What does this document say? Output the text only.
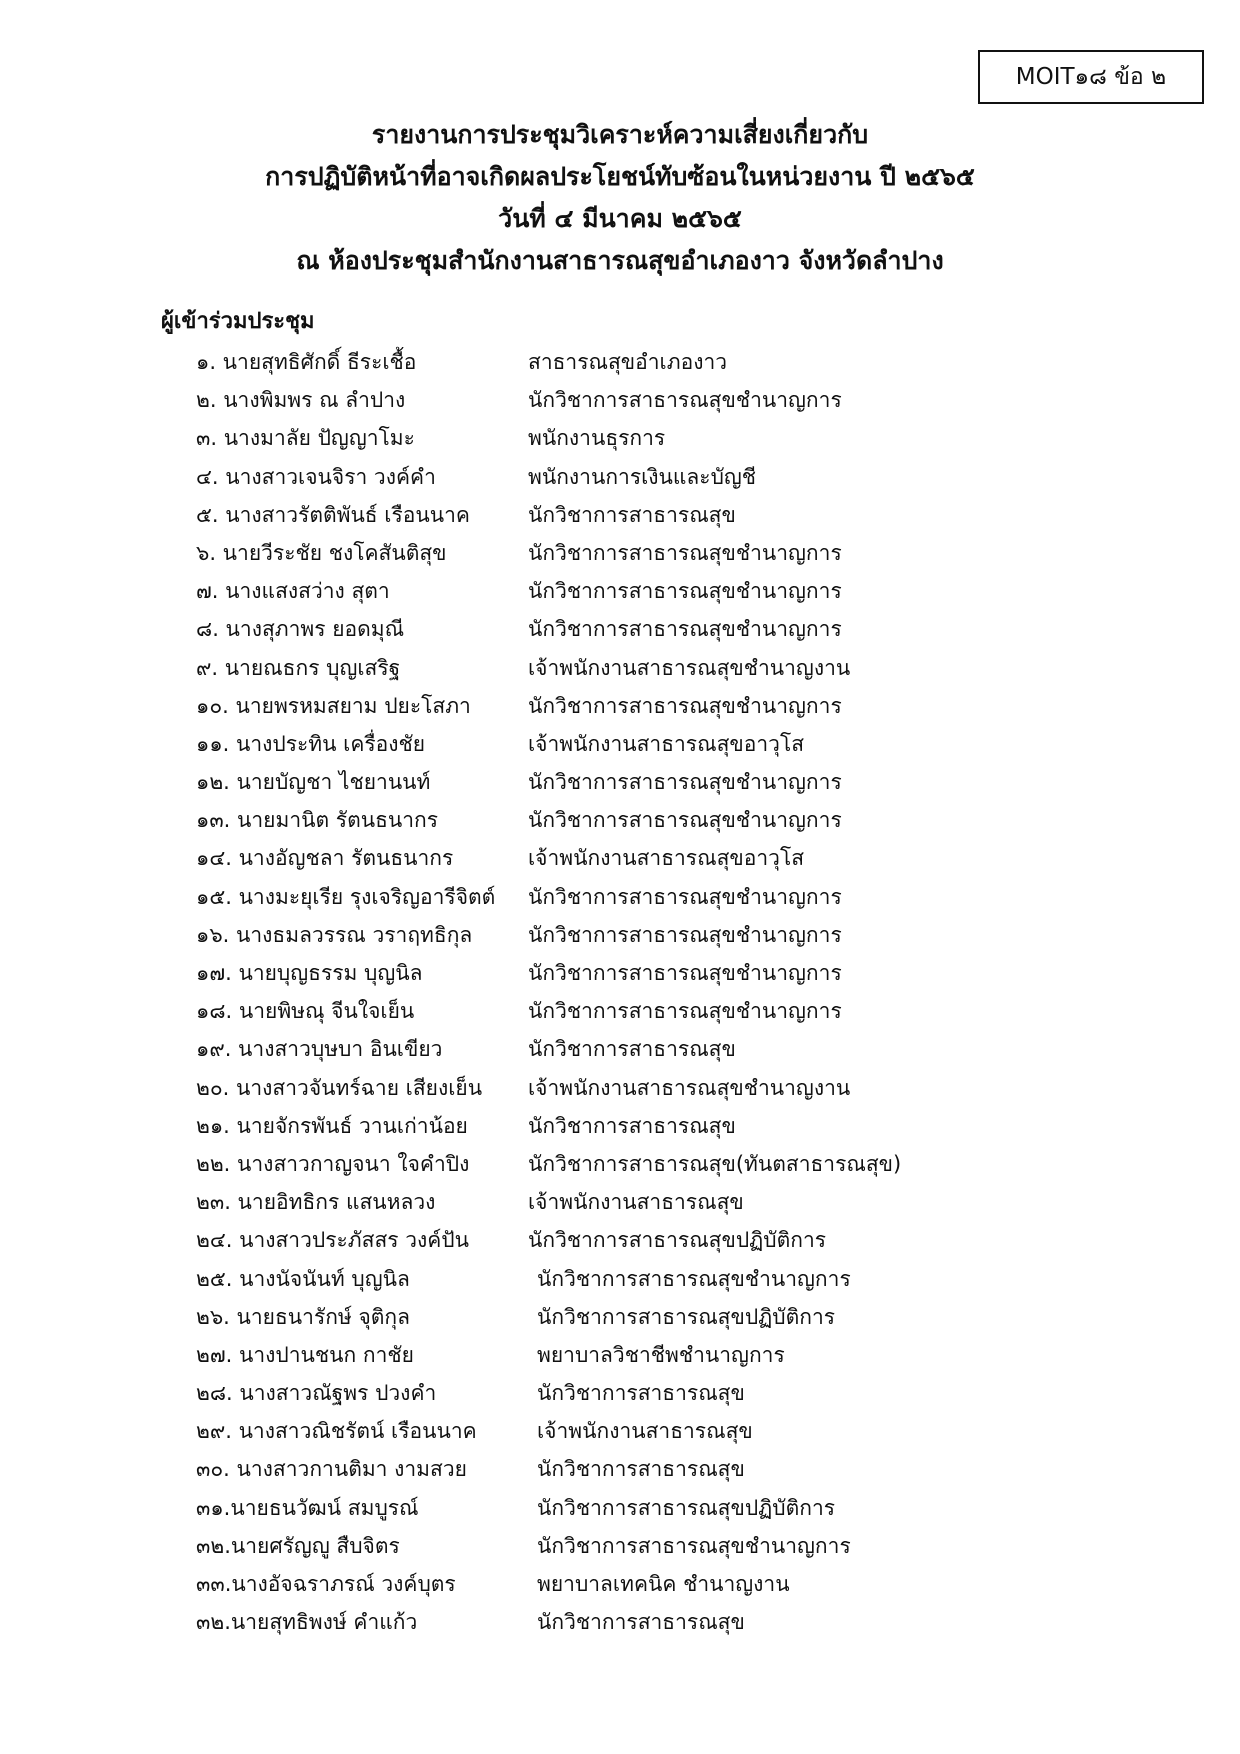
MOIT๑๘ ข้อ ๒
รายงานการประชุมวิเคราะห์ความเสี่ยงเกี่ยวกับ
การปฏิบัติหน้าที่อาจเกิดผลประโยชน์ทับซ้อนในหน่วยงาน ปี ๒๕๖๕
วันที่ ๔ มีนาคม ๒๕๖๕
ณ ห้องประชุมสำนักงานสาธารณสุขอำเภองาว จังหวัดลำปาง
ผู้เข้าร่วมประชุม
๑. นายสุทธิศักดิ์ ธีระเชื้อ	สาธารณสุขอำเภองาว
๒. นางพิมพร ณ ลำปาง	นักวิชาการสาธารณสุขชำนาญการ
๓. นางมาลัย ปัญญาโมะ	พนักงานธุรการ
๔. นางสาวเจนจิรา วงค์คำ	พนักงานการเงินและบัญชี
๕. นางสาวรัตติพันธ์ เรือนนาค	นักวิชาการสาธารณสุข
๖. นายวีระชัย ชงโคสันติสุข	นักวิชาการสาธารณสุขชำนาญการ
๗. นางแสงสว่าง สุตา	นักวิชาการสาธารณสุขชำนาญการ
๘. นางสุภาพร ยอดมุณี	นักวิชาการสาธารณสุขชำนาญการ
๙. นายณธกร บุญเสริฐ	เจ้าพนักงานสาธารณสุขชำนาญงาน
๑๐. นายพรหมสยาม ปยะโสภา	นักวิชาการสาธารณสุขชำนาญการ
๑๑. นางประทิน เครื่องชัย	เจ้าพนักงานสาธารณสุขอาวุโส
๑๒. นายบัญชา ไชยานนท์	นักวิชาการสาธารณสุขชำนาญการ
๑๓. นายมานิต รัตนธนากร	นักวิชาการสาธารณสุขชำนาญการ
๑๔. นางอัญชลา รัตนธนากร	เจ้าพนักงานสาธารณสุขอาวุโส
๑๕. นางมะยุเรีย รุงเจริญอารีจิตต์ นักวิชาการสาธารณสุขชำนาญการ
๑๖. นางธมลวรรณ วราฤทธิกุล	นักวิชาการสาธารณสุขชำนาญการ
๑๗. นายบุญธรรม บุญนิล	นักวิชาการสาธารณสุขชำนาญการ
๑๘. นายพิษณุ จีนใจเย็น	นักวิชาการสาธารณสุขชำนาญการ
๑๙. นางสาวบุษบา อินเขียว	นักวิชาการสาธารณสุข
๒๐. นางสาวจันทร์ฉาย เสียงเย็น เจ้าพนักงานสาธารณสุขชำนาญงาน
๒๑. นายจักรพันธ์ วานเก่าน้อย	นักวิชาการสาธารณสุข
๒๒. นางสาวกาญจนา ใจคำปิง	นักวิชาการสาธารณสุข(ทันตสาธารณสุข)
๒๓. นายอิทธิกร แสนหลวง	เจ้าพนักงานสาธารณสุข
๒๔. นางสาวประภัสสร วงค์ปัน	นักวิชาการสาธารณสุขปฏิบัติการ
๒๕. นางนัจนันท์ บุญนิล	นักวิชาการสาธารณสุขชำนาญการ
๒๖. นายธนารักษ์ จุติกุล	นักวิชาการสาธารณสุขปฏิบัติการ
๒๗. นางปานชนก กาชัย	พยาบาลวิชาชีพชำนาญการ
๒๘. นางสาวณัฐพร ปวงคำ	นักวิชาการสาธารณสุข
๒๙. นางสาวณิชรัตน์ เรือนนาค	เจ้าพนักงานสาธารณสุข
๓๐. นางสาวกานติมา งามสวย	นักวิชาการสาธารณสุข
๓๑.นายธนวัฒน์ สมบูรณ์	นักวิชาการสาธารณสุขปฏิบัติการ
๓๒.นายศรัญญู สืบจิตร	นักวิชาการสาธารณสุขชำนาญการ
๓๓.นางอัจฉราภรณ์ วงค์บุตร	พยาบาลเทคนิค ชำนาญงาน
๓๒.นายสุทธิพงษ์ คำแก้ว	นักวิชาการสาธารณสุข
